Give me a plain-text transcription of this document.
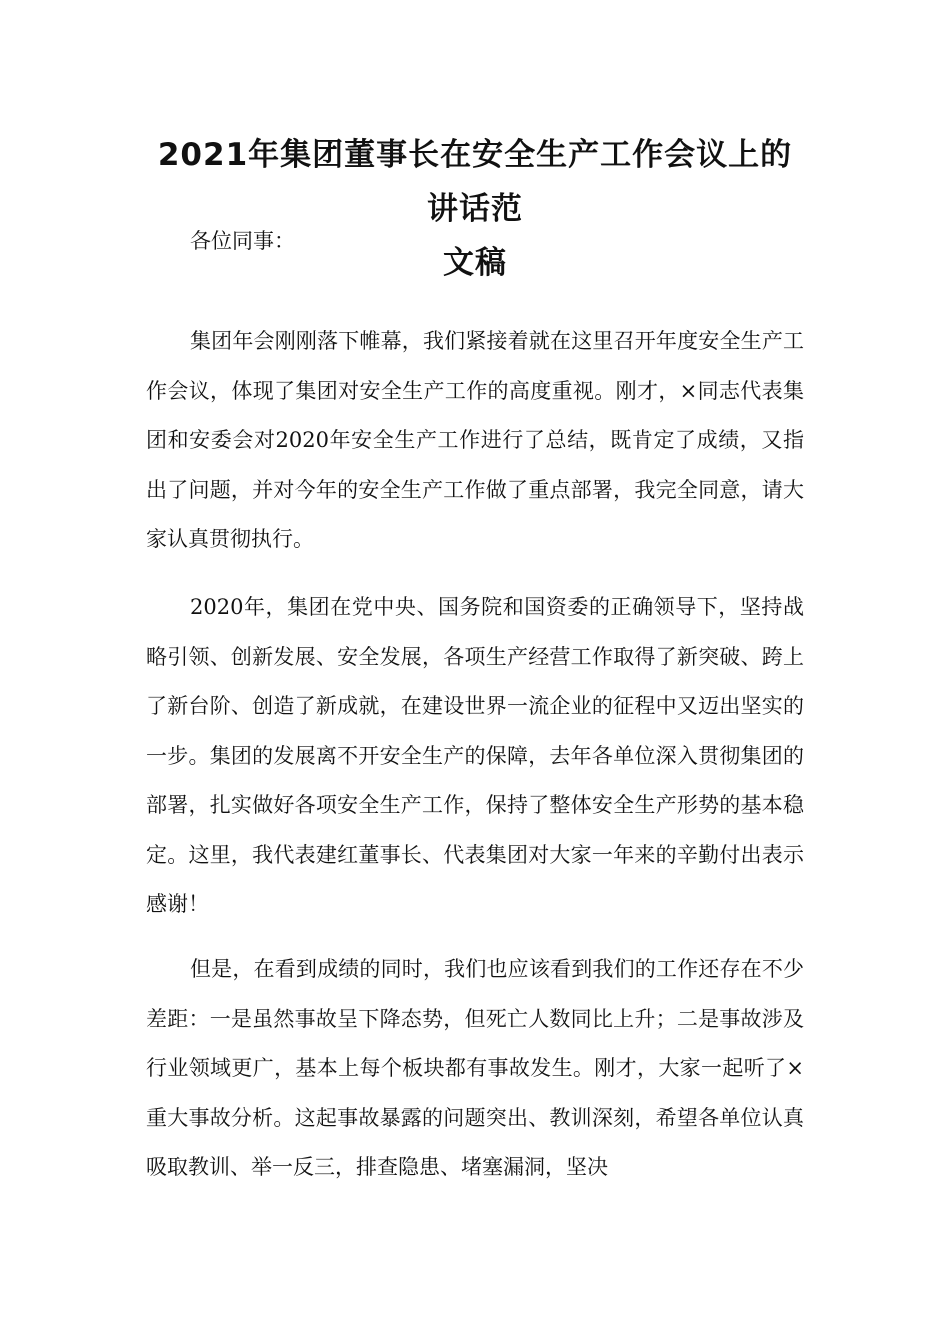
2021年集团董事长在安全生产工作会议上的讲话范
文稿

各位同事：

集团年会刚刚落下帷幕，我们紧接着就在这里召开年度安全生产工作会议，体现了集团对安全生产工作的高度重视。刚才，×同志代表集团和安委会对2020年安全生产工作进行了总结，既肯定了成绩，又指出了问题，并对今年的安全生产工作做了重点部署，我完全同意，请大家认真贯彻执行。

2020年，集团在党中央、国务院和国资委的正确领导下，坚持战略引领、创新发展、安全发展，各项生产经营工作取得了新突破、跨上了新台阶、创造了新成就，在建设世界一流企业的征程中又迈出坚实的一步。集团的发展离不开安全生产的保障，去年各单位深入贯彻集团的部署，扎实做好各项安全生产工作，保持了整体安全生产形势的基本稳定。这里，我代表建红董事长、代表集团对大家一年来的辛勤付出表示感谢！

但是，在看到成绩的同时，我们也应该看到我们的工作还存在不少差距：一是虽然事故呈下降态势，但死亡人数同比上升；二是事故涉及行业领域更广，基本上每个板块都有事故发生。刚才，大家一起听了×重大事故分析。这起事故暴露的问题突出、教训深刻，希望各单位认真吸取教训、举一反三，排查隐患、堵塞漏洞，坚决
